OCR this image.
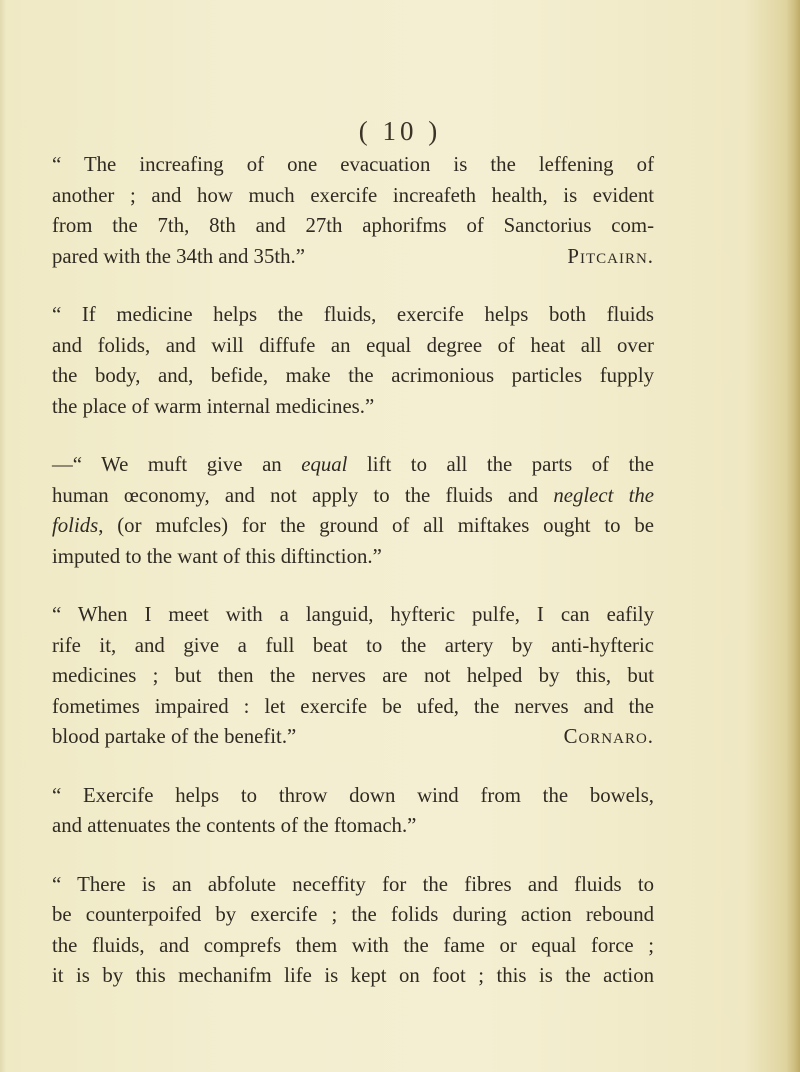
( 10 )
“ The increafing of one evacuation is the leffening of
another ; and how much exercife increafeth health, is evident
from the 7th, 8th and 27th aphorifms of Sanctorius com-
pared with the 34th and 35th.”	Pitcairn.
“ If medicine helps the fluids, exercife helps both fluids
and folids, and will diffufe an equal degree of heat all over
the body, and, befide, make the acrimonious particles fupply
the place of warm internal medicines.”
—“ We muft give an equal lift to all the parts of the
human œconomy, and not apply to the fluids and neglect the
folids, (or mufcles) for the ground of all miftakes ought to be
imputed to the want of this diftinction.”
“ When I meet with a languid, hyfteric pulfe, I can eafily
rife it, and give a full beat to the artery by anti-hyfteric
medicines ; but then the nerves are not helped by this, but
fometimes impaired : let exercife be ufed, the nerves and the
blood partake of the benefit.”	Cornaro.
“ Exercife helps to throw down wind from the bowels,
and attenuates the contents of the ftomach.”
“ There is an abfolute neceffity for the fibres and fluids to
be counterpoifed by exercife ; the folids during action rebound
the fluids, and comprefs them with the fame or equal force ;
it is by this mechanifm life is kept on foot ; this is the action
